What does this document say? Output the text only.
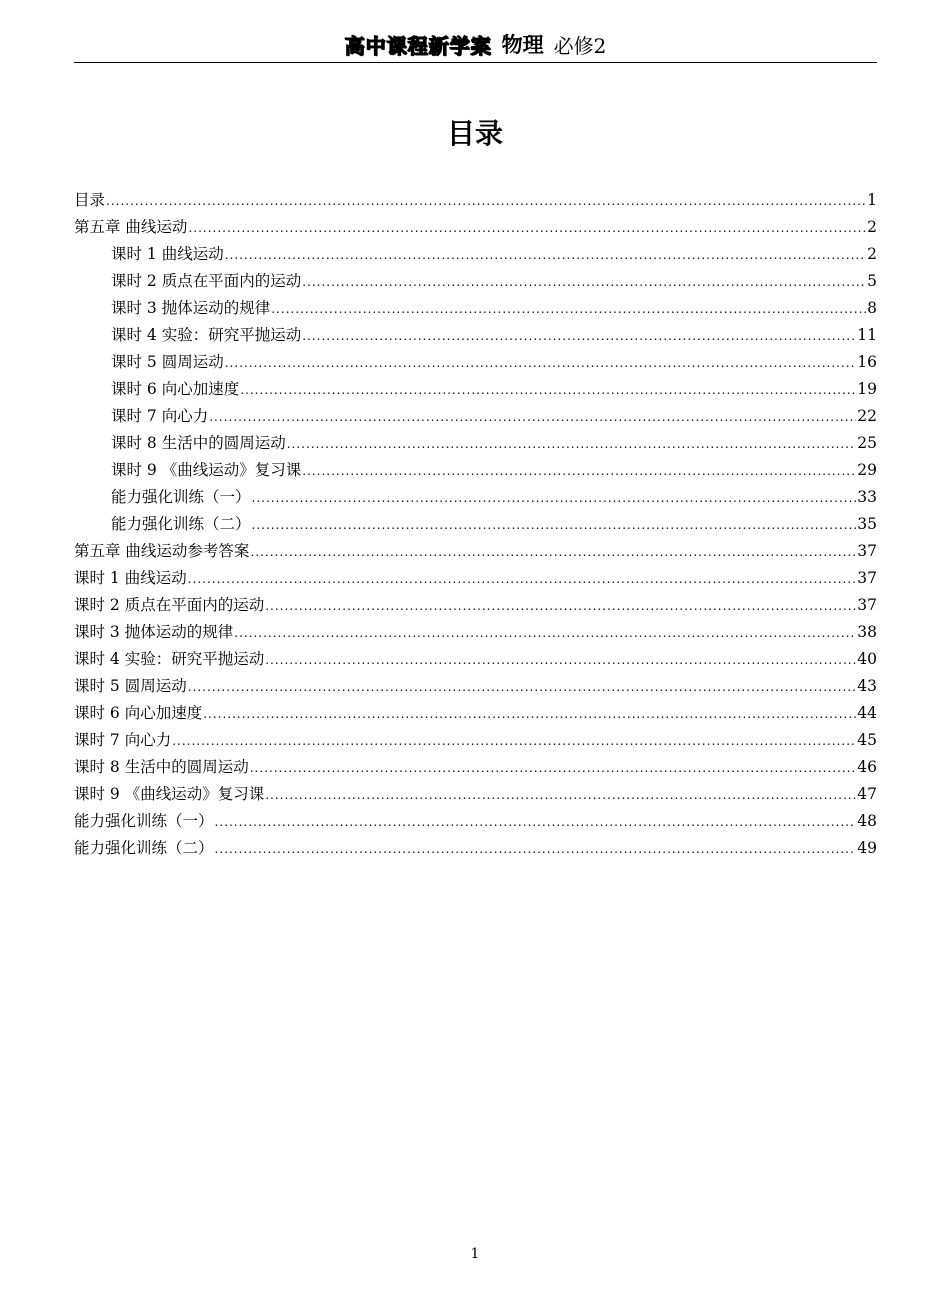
高中课程新学案 物理 必修2
目录
目录 .....	1
第五章 曲线运动 .....	2
课时 1 曲线运动 .....	2
课时 2 质点在平面内的运动 .....	5
课时 3 抛体运动的规律 .....	8
课时 4 实验：研究平抛运动 .....	11
课时 5 圆周运动 .....	16
课时 6 向心加速度 .....	19
课时 7 向心力 .....	22
课时 8 生活中的圆周运动 .....	25
课时 9 《曲线运动》复习课 .....	29
能力强化训练（一） .....	33
能力强化训练（二） .....	35
第五章 曲线运动参考答案 .....	37
课时 1 曲线运动 .....	37
课时 2 质点在平面内的运动 .....	37
课时 3 抛体运动的规律 .....	38
课时 4 实验：研究平抛运动 .....	40
课时 5 圆周运动 .....	43
课时 6 向心加速度 .....	44
课时 7 向心力 .....	45
课时 8 生活中的圆周运动 .....	46
课时 9 《曲线运动》复习课 .....	47
能力强化训练（一） .....	48
能力强化训练（二） .....	49
1
